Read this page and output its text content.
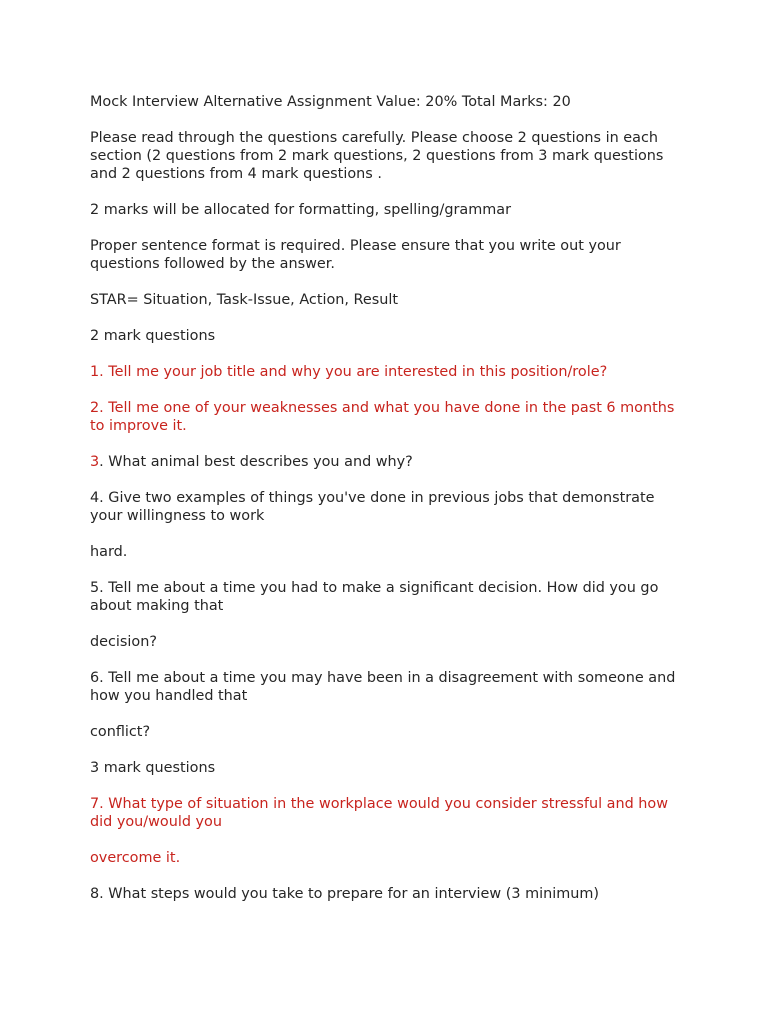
Mock Interview Alternative Assignment Value: 20% Total Marks: 20

Please read through the questions carefully. Please choose 2 questions in each section (2 questions from 2 mark questions, 2 questions from 3 mark questions and 2 questions from 4 mark questions .

2 marks will be allocated for formatting, spelling/grammar

Proper sentence format is required. Please ensure that you write out your questions followed by the answer.

STAR= Situation, Task-Issue, Action, Result

2 mark questions

1. Tell me your job title and why you are interested in this position/role?

2. Tell me one of your weaknesses and what you have done in the past 6 months to improve it.

3. What animal best describes you and why?

4. Give two examples of things you've done in previous jobs that demonstrate your willingness to work

hard.

5. Tell me about a time you had to make a significant decision. How did you go about making that

decision?

6. Tell me about a time you may have been in a disagreement with someone and how you handled that

conflict?

3 mark questions

7. What type of situation in the workplace would you consider stressful and how did you/would you

overcome it.

8. What steps would you take to prepare for an interview (3 minimum)
